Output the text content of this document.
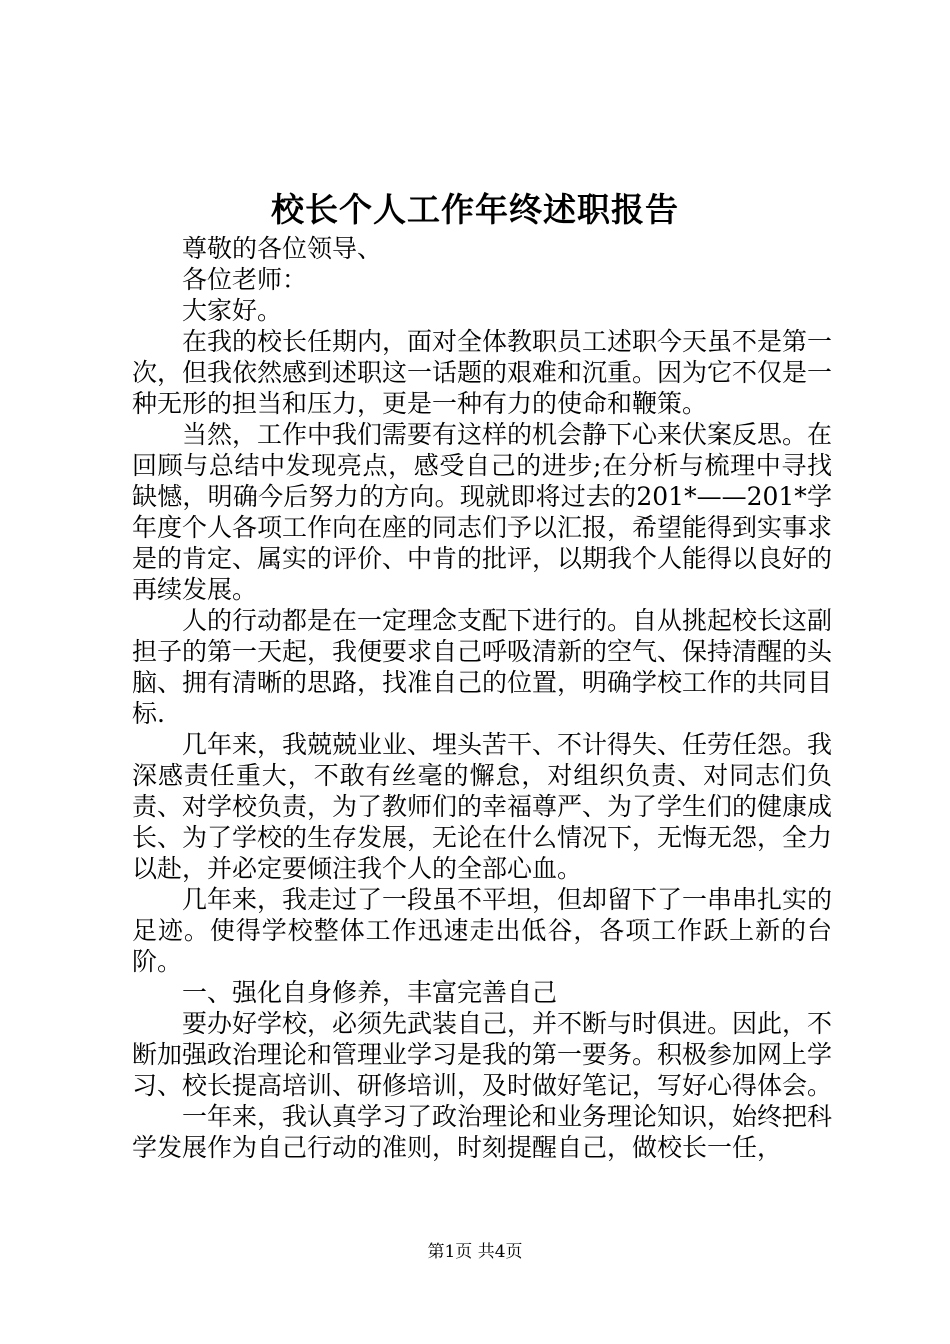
校长个人工作年终述职报告

尊敬的各位领导、

各位老师：

大家好。

在我的校长任期内，面对全体教职员工述职今天虽不是第一次，但我依然感到述职这一话题的艰难和沉重。因为它不仅是一种无形的担当和压力，更是一种有力的使命和鞭策。

当然，工作中我们需要有这样的机会静下心来伏案反思。在回顾与总结中发现亮点，感受自己的进步;在分析与梳理中寻找缺憾，明确今后努力的方向。现就即将过去的201*——201*学年度个人各项工作向在座的同志们予以汇报，希望能得到实事求是的肯定、属实的评价、中肯的批评，以期我个人能得以良好的再续发展。

人的行动都是在一定理念支配下进行的。自从挑起校长这副担子的第一天起，我便要求自己呼吸清新的空气、保持清醒的头脑、拥有清晰的思路，找准自己的位置，明确学校工作的共同目标.

几年来，我兢兢业业、埋头苦干、不计得失、任劳任怨。我深感责任重大，不敢有丝毫的懈怠，对组织负责、对同志们负责、对学校负责，为了教师们的幸福尊严、为了学生们的健康成长、为了学校的生存发展，无论在什么情况下，无悔无怨，全力以赴，并必定要倾注我个人的全部心血。

几年来，我走过了一段虽不平坦，但却留下了一串串扎实的足迹。使得学校整体工作迅速走出低谷，各项工作跃上新的台阶。

一、强化自身修养，丰富完善自己

要办好学校，必须先武装自己，并不断与时俱进。因此，不断加强政治理论和管理业学习是我的第一要务。积极参加网上学习、校长提高培训、研修培训，及时做好笔记，写好心得体会。

一年来，我认真学习了政治理论和业务理论知识，始终把科学发展作为自己行动的准则，时刻提醒自己，做校长一任，

第1页 共4页
